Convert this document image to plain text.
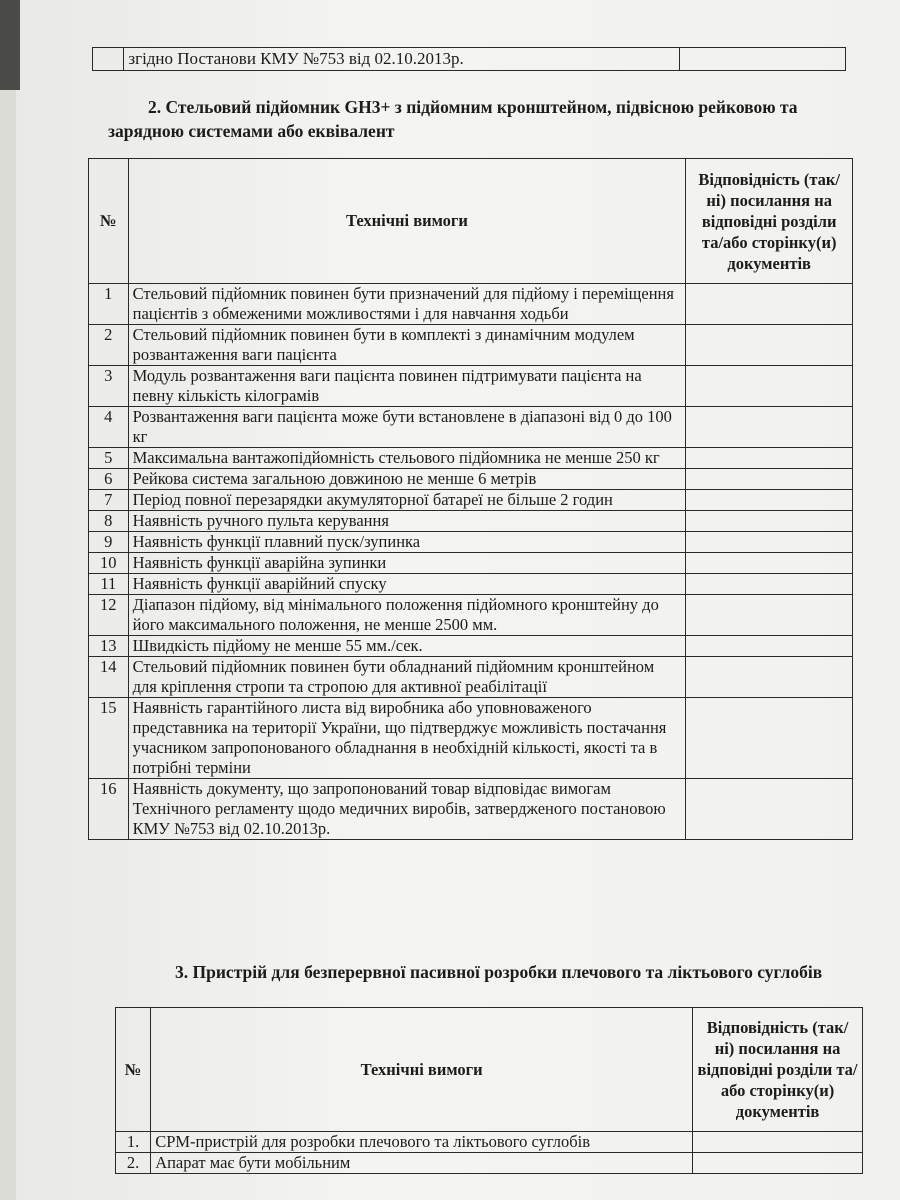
	згідно Постанови КМУ №753 від 02.10.2013р.	
2. Стельовий підйомник GH3+ з підйомним кронштейном, підвісною рейковою та зарядною системами або еквівалент
№	Технічні вимоги	Відповідність (так/ні) посилання на відповідні розділи та/або сторінку(и) документів
1	Стельовий підйомник повинен бути призначений для підйому і переміщення пацієнтів з обмеженими можливостями і для навчання ходьби	
2	Стельовий підйомник повинен бути в комплекті з динамічним модулем розвантаження ваги пацієнта	
3	Модуль розвантаження ваги пацієнта повинен підтримувати пацієнта на певну кількість кілограмів	
4	Розвантаження ваги пацієнта може бути встановлене в діапазоні від 0 до 100 кг	
5	Максимальна вантажопідйомність стельового підйомника не менше 250 кг	
6	Рейкова система загальною довжиною не менше 6 метрів	
7	Період повної перезарядки акумуляторної батареї не більше 2 годин	
8	Наявність ручного пульта керування	
9	Наявність функції плавний пуск/зупинка	
10	Наявність функції аварійна зупинки	
11	Наявність функції аварійний спуску	
12	Діапазон підйому, від мінімального положення підйомного кронштейну до його максимального положення, не менше 2500 мм.	
13	Швидкість підйому не менше 55 мм./сек.	
14	Стельовий підйомник повинен бути обладнаний підйомним кронштейном для кріплення стропи та стропою для активної реабілітації	
15	Наявність гарантійного листа від виробника або уповноваженого представника на території України, що підтверджує можливість постачання учасником запропонованого обладнання в необхідній кількості, якості та в потрібні терміни	
16	Наявність документу, що запропонований товар відповідає вимогам Технічного регламенту щодо медичних виробів, затвердженого постановою КМУ №753 від 02.10.2013р.	
3. Пристрій для безперервної пасивної розробки плечового та ліктьового суглобів
№	Технічні вимоги	Відповідність (так/ні) посилання на відповідні розділи та/або сторінку(и) документів
1.	CPM-пристрій для розробки плечового та ліктьового суглобів	
2.	Апарат має бути мобільним	
